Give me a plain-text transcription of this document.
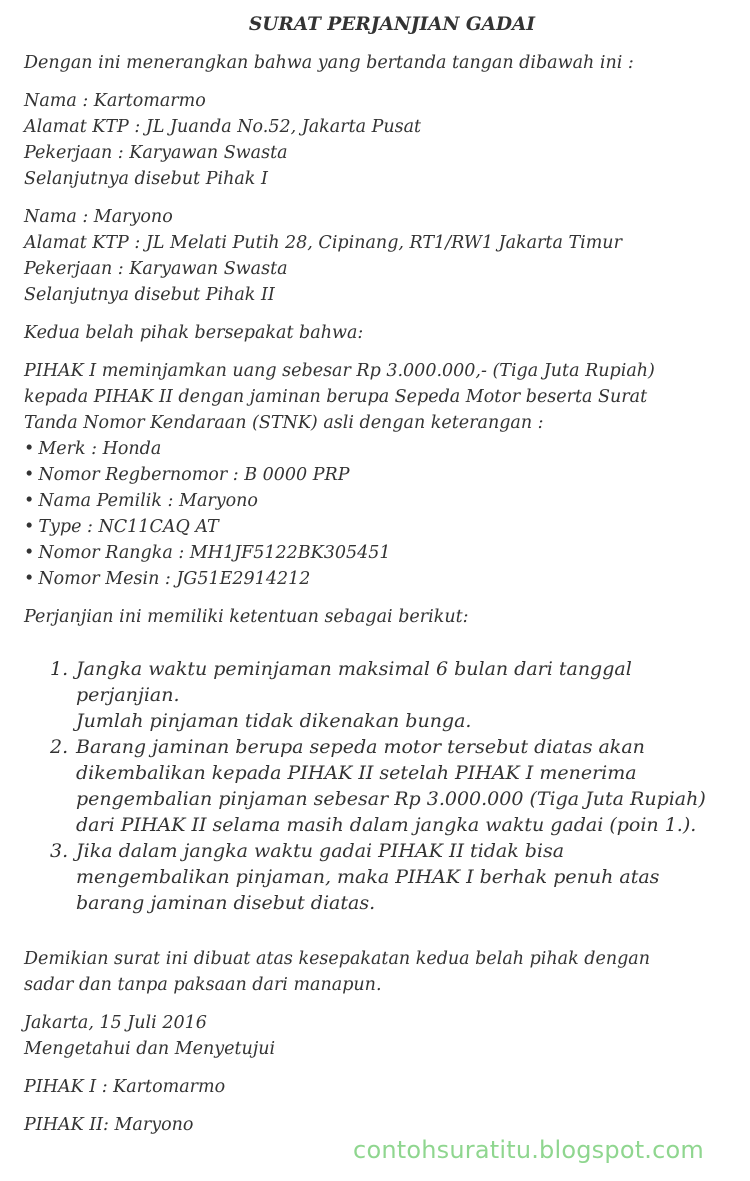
SURAT PERJANJIAN GADAI
Dengan ini menerangkan bahwa yang bertanda tangan dibawah ini :
Nama : Kartomarmo
Alamat KTP : JL Juanda No.52, Jakarta Pusat
Pekerjaan : Karyawan Swasta
Selanjutnya disebut Pihak I
Nama : Maryono
Alamat KTP : JL Melati Putih 28, Cipinang, RT1/RW1 Jakarta Timur
Pekerjaan : Karyawan Swasta
Selanjutnya disebut Pihak II
Kedua belah pihak bersepakat bahwa:
PIHAK I meminjamkan uang sebesar Rp 3.000.000,- (Tiga Juta Rupiah)
kepada PIHAK II dengan jaminan berupa Sepeda Motor beserta Surat
Tanda Nomor Kendaraan (STNK) asli dengan keterangan :
• Merk : Honda
• Nomor Regbernomor : B 0000 PRP
• Nama Pemilik : Maryono
• Type : NC11CAQ AT
• Nomor Rangka : MH1JF5122BK305451
• Nomor Mesin : JG51E2914212
Perjanjian ini memiliki ketentuan sebagai berikut:
1. Jangka waktu peminjaman maksimal 6 bulan dari tanggal
perjanjian.
Jumlah pinjaman tidak dikenakan bunga.
2. Barang jaminan berupa sepeda motor tersebut diatas akan
dikembalikan kepada PIHAK II setelah PIHAK I menerima
pengembalian pinjaman sebesar Rp 3.000.000 (Tiga Juta Rupiah)
dari PIHAK II selama masih dalam jangka waktu gadai (poin 1.).
3. Jika dalam jangka waktu gadai PIHAK II tidak bisa
mengembalikan pinjaman, maka PIHAK I berhak penuh atas
barang jaminan disebut diatas.
Demikian surat ini dibuat atas kesepakatan kedua belah pihak dengan
sadar dan tanpa paksaan dari manapun.
Jakarta, 15 Juli 2016
Mengetahui dan Menyetujui
PIHAK I : Kartomarmo
PIHAK II: Maryono
contohsuratitu.blogspot.com
